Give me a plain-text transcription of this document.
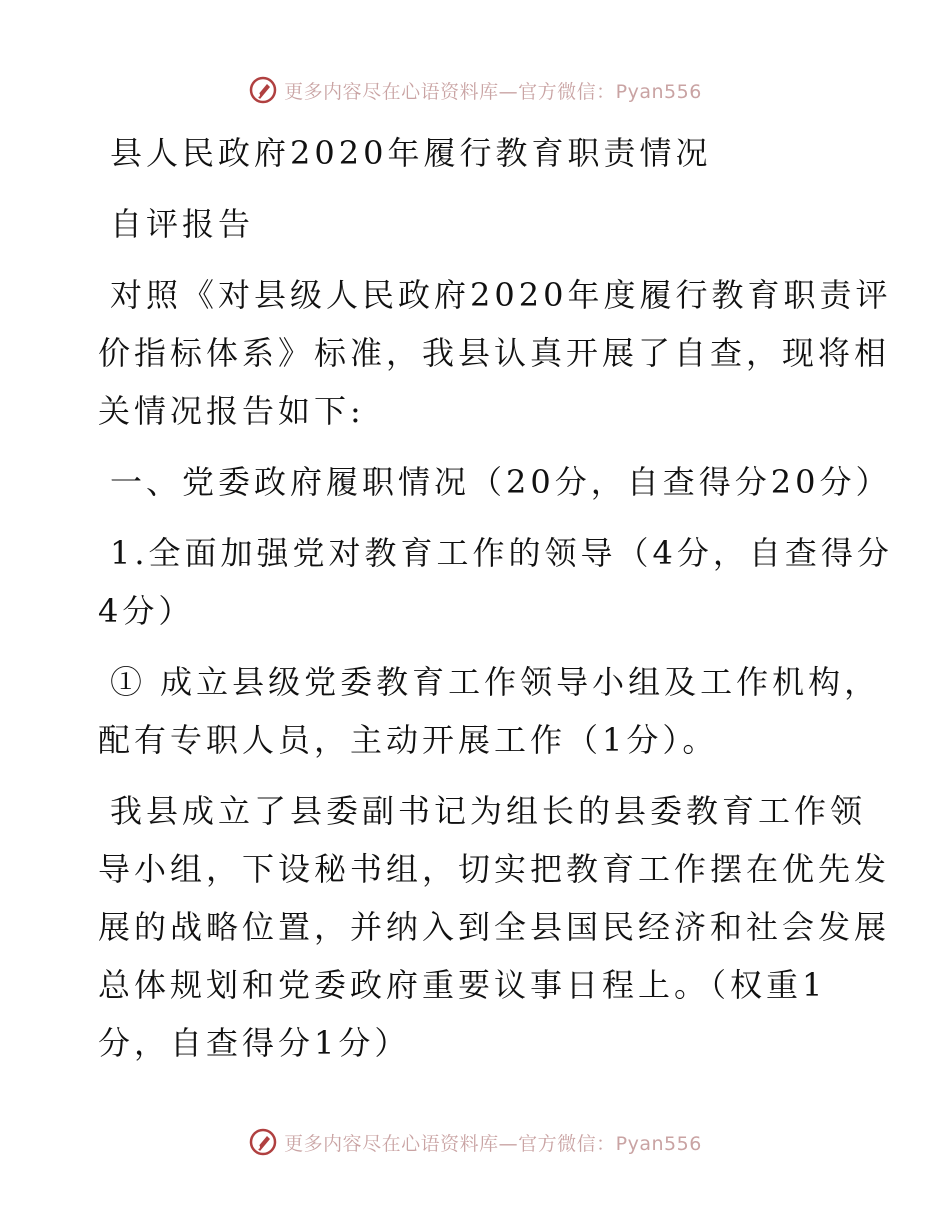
更多内容尽在心语资料库—官方微信：Pyan556

县人民政府2020年履行教育职责情况

自评报告

对照《对县级人民政府2020年度履行教育职责评

价指标体系》标准，我县认真开展了自查，现将相

关情况报告如下:

一、党委政府履职情况（20分，自查得分20分）

1.全面加强党对教育工作的领导（4分，自查得分

4分）

① 成立县级党委教育工作领导小组及工作机构，

配有专职人员，主动开展工作（1分）。

我县成立了县委副书记为组长的县委教育工作领

导小组，下设秘书组，切实把教育工作摆在优先发

展的战略位置，并纳入到全县国民经济和社会发展

总体规划和党委政府重要议事日程上。（权重1

分，自查得分1分）

更多内容尽在心语资料库—官方微信：Pyan556
